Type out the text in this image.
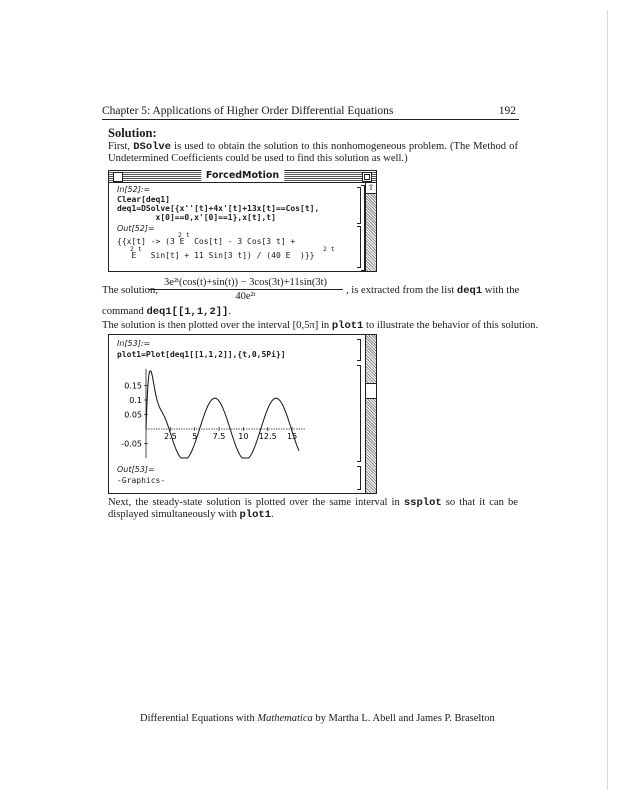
Chapter 5: Applications of Higher Order Differential Equations	192
Solution:
First, DSolve is used to obtain the solution to this nonhomogeneous problem. (The Method of Undetermined Coefficients could be used to find this solution as well.)
ForcedMotion
In[52]:=
Clear[deq1]
deq1=DSolve[{x''[t]+4x'[t]+13x[t]==Cos[t],
x[0]==0,x'[0]==1},x[t],t]
Out[52]=
{{x[t] -> (3 E  Cos[t] - 3 Cos[3 t] +
E   Sin[t] + 11 Sin[3 t]) / (40 E  )}}
2 t
2 t	2 t
⇧
The solution,
$\frac{\text{3e²ᵗ(cos(t)+sin(t)) − 3cos(3t)+11sin(3t)}}{\text{40e²ᵗ}}$ , is extracted from the list deq1 with the
command deq1[[1,1,2]].
The solution is then plotted over the interval [0,5π] in plot1 to illustrate the behavior of this solution.
In[53]:=
plot1=Plot[deq1[[1,1,2]],{t,0,5Pi}]
2.5 5 7.5 10 12.5 15
0.15
0.1
0.05
-0.05
Out[53]=
-Graphics-
Next, the steady-state solution is plotted over the same interval in ssplot so that it can be displayed simultaneously with plot1.
Differential Equations with Mathematica by Martha L. Abell and James P. Braselton
